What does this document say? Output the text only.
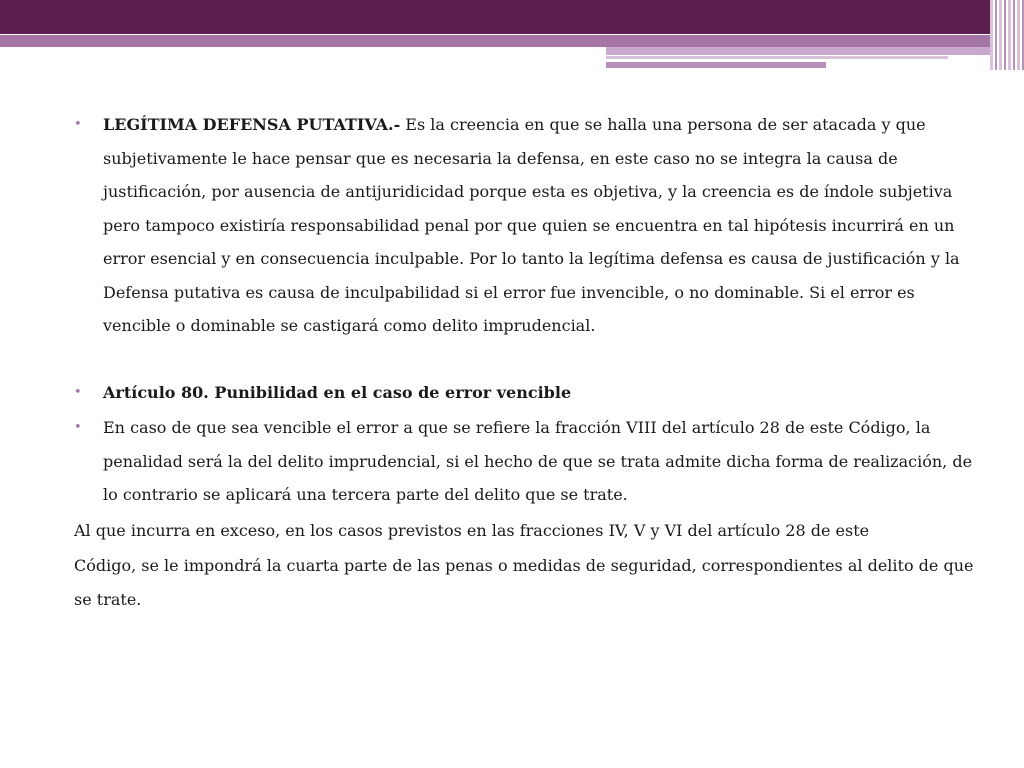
• LEGÍTIMA DEFENSA PUTATIVA.- Es la creencia en que se halla una persona de ser atacada y que subjetivamente le hace pensar que es necesaria la defensa, en este caso no se integra la causa de justificación, por ausencia de antijuridicidad porque esta es objetiva, y la creencia es de índole subjetiva pero tampoco existiría responsabilidad penal por que quien se encuentra en tal hipótesis incurrirá en un error esencial y en consecuencia inculpable. Por lo tanto la legítima defensa es causa de justificación y la Defensa putativa es causa de inculpabilidad si el error fue invencible, o no dominable. Si el error es vencible o dominable se castigará como delito imprudencial.

• Artículo 80. Punibilidad en el caso de error vencible

• En caso de que sea vencible el error a que se refiere la fracción VIII del artículo 28 de este Código, la penalidad será la del delito imprudencial, si el hecho de que se trata admite dicha forma de realización, de lo contrario se aplicará una tercera parte del delito que se trate.

Al que incurra en exceso, en los casos previstos en las fracciones IV, V y VI del artículo 28 de este

Código, se le impondrá la cuarta parte de las penas o medidas de seguridad, correspondientes al delito de que se trate.
